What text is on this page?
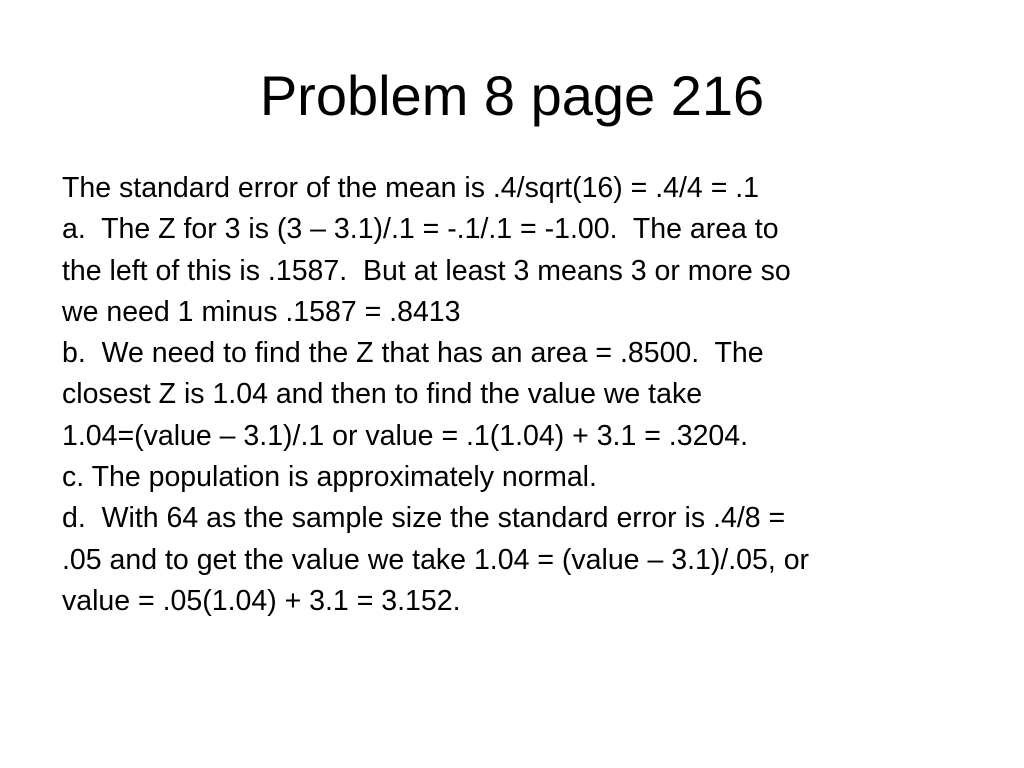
Problem 8 page 216
The standard error of the mean is .4/sqrt(16) = .4/4 = .1
a.  The Z for 3 is (3 – 3.1)/.1 = -.1/.1 = -1.00.  The area to
the left of this is .1587.  But at least 3 means 3 or more so
we need 1 minus .1587 = .8413
b.  We need to find the Z that has an area = .8500.  The
closest Z is 1.04 and then to find the value we take
1.04=(value – 3.1)/.1 or value = .1(1.04) + 3.1 = .3204.
c. The population is approximately normal.
d.  With 64 as the sample size the standard error is .4/8 =
.05 and to get the value we take 1.04 = (value – 3.1)/.05, or
value = .05(1.04) + 3.1 = 3.152.
